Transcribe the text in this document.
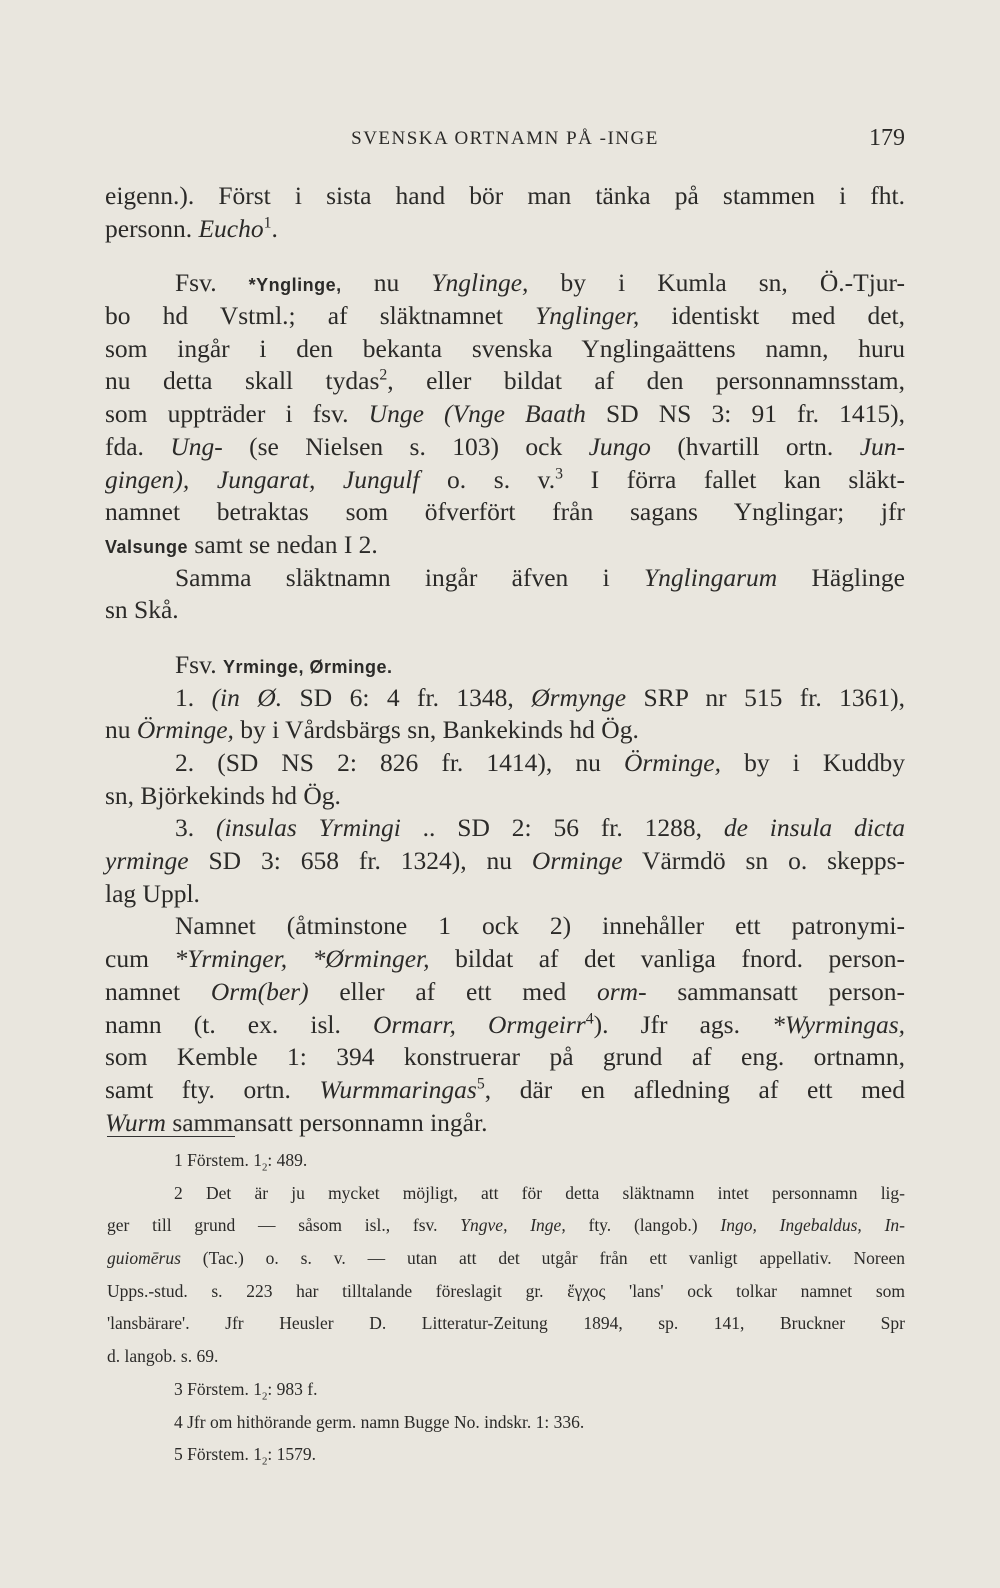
SVENSKA ORTNAMN PÅ -INGE	179
eigenn.). Först i sista hand bör man tänka på stammen i fht.
personn. Eucho$^1$.
Fsv. *Ynglinge, nu Ynglinge, by i Kumla sn, Ö.-Tjur-
bo hd Vstml.; af släktnamnet Ynglinger, identiskt med det,
som ingår i den bekanta svenska Ynglingaättens namn, huru
nu detta skall tydas$^2$, eller bildat af den personnamnsstam,
som uppträder i fsv. Unge (Vnge Baath SD NS 3: 91 fr. 1415),
fda. Ung- (se Nielsen s. 103) ock Jungo (hvartill ortn. Jun-
gingen), Jungarat, Jungulf o. s. v.$^3$ I förra fallet kan släkt-
namnet betraktas som öfverfört från sagans Ynglingar; jfr
Valsunge samt se nedan I 2.
Samma släktnamn ingår äfven i Ynglingarum Häglinge
sn Skå.
Fsv. Yrminge, Ørminge.
1. (in Ø. SD 6: 4 fr. 1348, Ørmynge SRP nr 515 fr. 1361),
nu Örminge, by i Vårdsbärgs sn, Bankekinds hd Ög.
2. (SD NS 2: 826 fr. 1414), nu Örminge, by i Kuddby
sn, Björkekinds hd Ög.
3. (insulas Yrmingi .. SD 2: 56 fr. 1288, de insula dicta
yrminge SD 3: 658 fr. 1324), nu Orminge Värmdö sn o. skepps-
lag Uppl.
Namnet (åtminstone 1 ock 2) innehåller ett patronymi-
cum *Yrminger, *Ørminger, bildat af det vanliga fnord. person-
namnet Orm(ber) eller af ett med orm- sammansatt person-
namn (t. ex. isl. Ormarr, Ormgeirr$^4$). Jfr ags. *Wyrmingas,
som Kemble 1: 394 konstruerar på grund af eng. ortnamn,
samt fty. ortn. Wurmmaringas$^5$, där en afledning af ett med
Wurm sammansatt personnamn ingår.
1 Förstem. $1_2$: 489.
2 Det är ju mycket möjligt, att för detta släktnamn intet personnamn lig-
ger till grund — såsom isl., fsv. Yngve, Inge, fty. (langob.) Ingo, Ingebaldus, In-
guiomērus (Tac.) o. s. v. — utan att det utgår från ett vanligt appellativ. Noreen
Upps.-stud. s. 223 har tilltalande föreslagit gr. ἔγχος 'lans' ock tolkar namnet som
'lansbärare'. Jfr Heusler D. Litteratur-Zeitung 1894, sp. 141, Bruckner Spr
d. langob. s. 69.
3 Förstem. $1_2$: 983 f.
4 Jfr om hithörande germ. namn Bugge No. indskr. 1: 336.
5 Förstem. $1_2$: 1579.
